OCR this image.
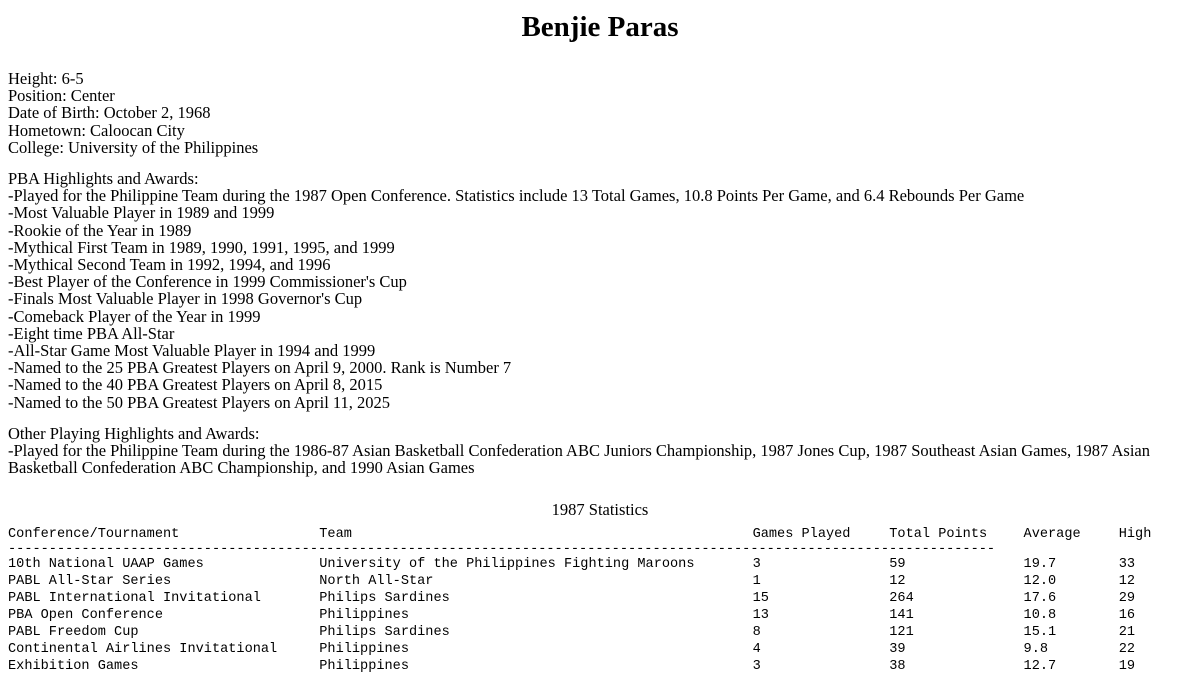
Benjie Paras
Height: 6-5
Position: Center
Date of Birth: October 2, 1968
Hometown: Caloocan City
College: University of the Philippines
PBA Highlights and Awards:
-Played for the Philippine Team during the 1987 Open Conference. Statistics include 13 Total Games, 10.8 Points Per Game, and 6.4 Rebounds Per Game
-Most Valuable Player in 1989 and 1999
-Rookie of the Year in 1989
-Mythical First Team in 1989, 1990, 1991, 1995, and 1999
-Mythical Second Team in 1992, 1994, and 1996
-Best Player of the Conference in 1999 Commissioner's Cup
-Finals Most Valuable Player in 1998 Governor's Cup
-Comeback Player of the Year in 1999
-Eight time PBA All-Star
-All-Star Game Most Valuable Player in 1994 and 1999
-Named to the 25 PBA Greatest Players on April 9, 2000. Rank is Number 7
-Named to the 40 PBA Greatest Players on April 8, 2015
-Named to the 50 PBA Greatest Players on April 11, 2025
Other Playing Highlights and Awards:
-Played for the Philippine Team during the 1986-87 Asian Basketball Confederation ABC Juniors Championship, 1987 Jones Cup, 1987 Southeast Asian Games, 1987 Asian Basketball Confederation ABC Championship, and 1990 Asian Games
1987 Statistics
Conference/Tournament	Team	Games Played	Total Points	Average	High
-------------------------------------------------------------------------------------------------------------------------					
10th National UAAP Games	University of the Philippines Fighting Maroons	3	59	19.7	33
PABL All-Star Series	North All-Star	1	12	12.0	12
PABL International Invitational	Philips Sardines	15	264	17.6	29
PBA Open Conference	Philippines	13	141	10.8	16
PABL Freedom Cup	Philips Sardines	8	121	15.1	21
Continental Airlines Invitational	Philippines	4	39	9.8	22
Exhibition Games	Philippines	3	38	12.7	19
